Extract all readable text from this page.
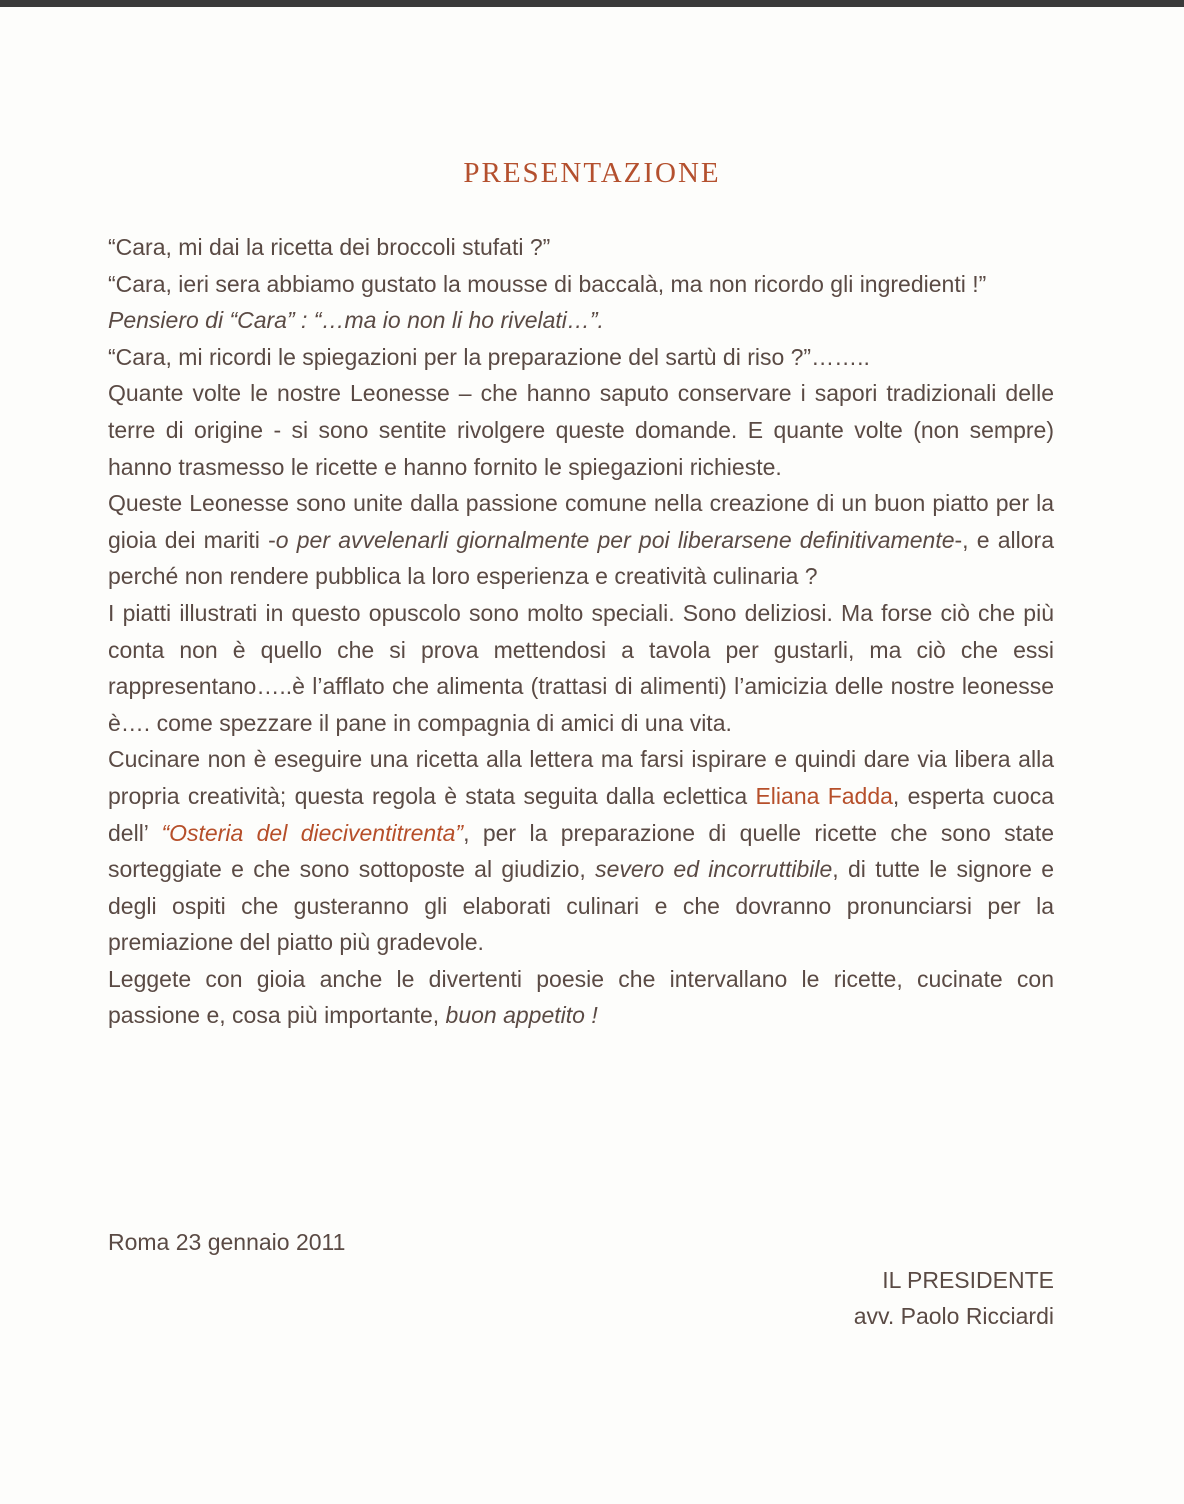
PRESENTAZIONE
“Cara, mi dai la ricetta dei broccoli stufati ?”
“Cara, ieri sera abbiamo gustato la mousse di baccalà, ma non ricordo gli ingredienti !”
Pensiero di “Cara” : “…ma io non li ho rivelati…”.
“Cara, mi ricordi le spiegazioni per la preparazione del sartù di riso ?”……..
Quante volte le nostre Leonesse – che hanno saputo conservare i sapori tradizionali delle terre di origine - si sono sentite rivolgere queste domande. E quante volte (non sempre) hanno trasmesso le ricette e hanno fornito le spiegazioni richieste.
Queste Leonesse sono unite dalla passione comune nella creazione di un buon piatto per la gioia dei mariti -o per avvelenarli giornalmente per poi liberarsene definitivamente-, e allora perché non rendere pubblica la loro esperienza e creatività culinaria ?
I piatti illustrati in questo opuscolo sono molto speciali. Sono deliziosi. Ma forse ciò che più conta non è quello che si prova mettendosi a tavola per gustarli, ma ciò che essi rappresentano…..è l’afflato che alimenta (trattasi di alimenti) l’amicizia delle nostre leonesse è…. come spezzare il pane in compagnia di amici di una vita.
Cucinare non è eseguire una ricetta alla lettera ma farsi ispirare e quindi dare via libera alla propria creatività; questa regola è stata seguita dalla eclettica Eliana Fadda, esperta cuoca dell’ “Osteria del dieciventitrenta”, per la preparazione di quelle ricette che sono state sorteggiate e che sono sottoposte al giudizio, severo ed incorruttibile, di tutte le signore e degli ospiti che gusteranno gli elaborati culinari e che dovranno pronunciarsi per la premiazione del piatto più gradevole.
Leggete con gioia anche le divertenti poesie che intervallano le ricette, cucinate con passione e, cosa più importante, buon appetito !
Roma 23 gennaio 2011
IL PRESIDENTE
avv. Paolo Ricciardi
